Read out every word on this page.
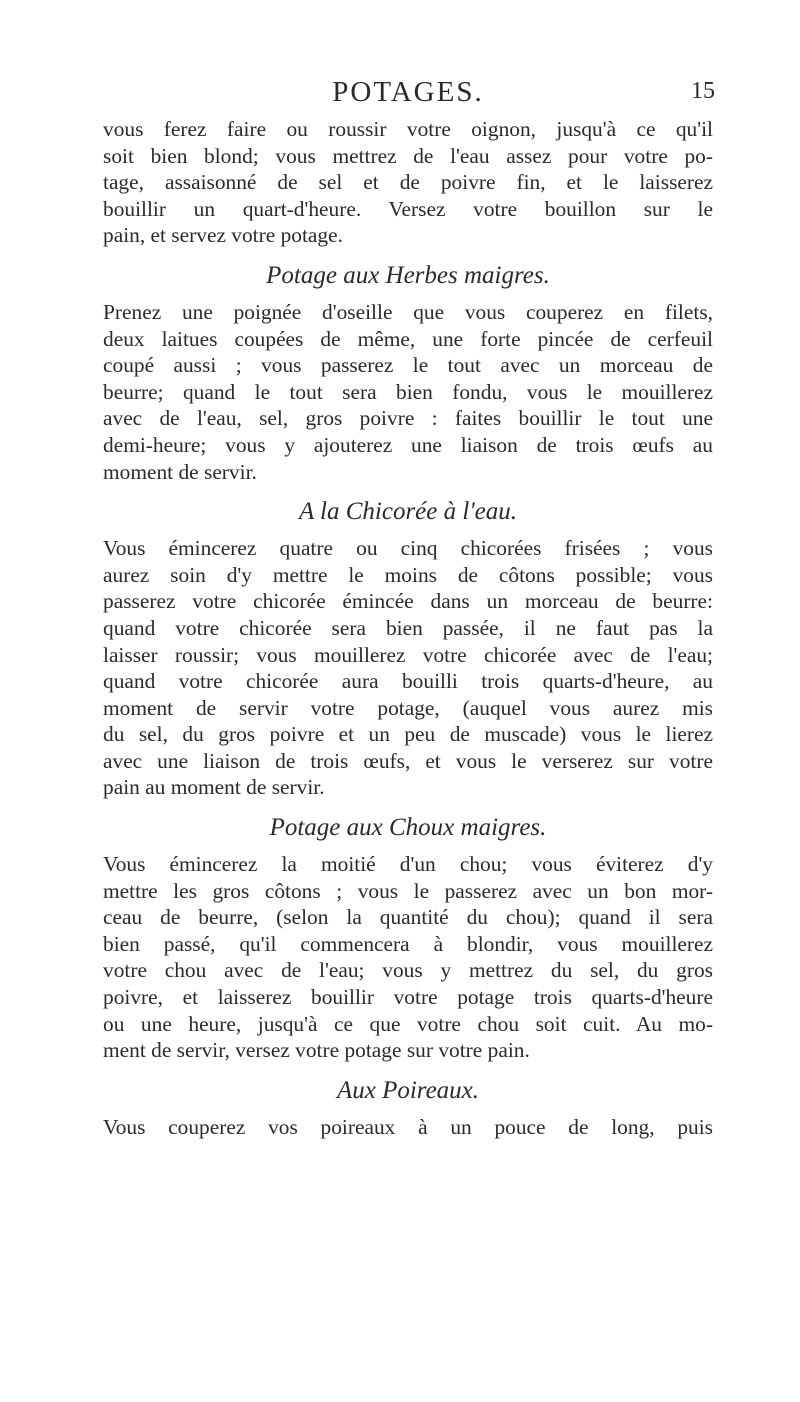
POTAGES.	15

vous ferez faire ou roussir votre oignon, jusqu'à ce qu'il

soit bien blond; vous mettrez de l'eau assez pour votre po-

tage, assaisonné de sel et de poivre fin, et le laisserez

bouillir un quart-d'heure. Versez votre bouillon sur le

pain, et servez votre potage.

Potage aux Herbes maigres.

Prenez une poignée d'oseille que vous couperez en filets,

deux laitues coupées de même, une forte pincée de cerfeuil

coupé aussi ; vous passerez le tout avec un morceau de

beurre; quand le tout sera bien fondu, vous le mouillerez

avec de l'eau, sel, gros poivre : faites bouillir le tout une

demi-heure; vous y ajouterez une liaison de trois œufs au

moment de servir.

A la Chicorée à l'eau.

Vous émincerez quatre ou cinq chicorées frisées ; vous

aurez soin d'y mettre le moins de côtons possible; vous

passerez votre chicorée émincée dans un morceau de beurre:

quand votre chicorée sera bien passée, il ne faut pas la

laisser roussir; vous mouillerez votre chicorée avec de l'eau;

quand votre chicorée aura bouilli trois quarts-d'heure, au

moment de servir votre potage, (auquel vous aurez mis

du sel, du gros poivre et un peu de muscade) vous le lierez

avec une liaison de trois œufs, et vous le verserez sur votre

pain au moment de servir.

Potage aux Choux maigres.

Vous émincerez la moitié d'un chou; vous éviterez d'y

mettre les gros côtons ; vous le passerez avec un bon mor-

ceau de beurre, (selon la quantité du chou); quand il sera

bien passé, qu'il commencera à blondir, vous mouillerez

votre chou avec de l'eau; vous y mettrez du sel, du gros

poivre, et laisserez bouillir votre potage trois quarts-d'heure

ou une heure, jusqu'à ce que votre chou soit cuit. Au mo-

ment de servir, versez votre potage sur votre pain.

Aux Poireaux.

Vous couperez vos poireaux à un pouce de long, puis
